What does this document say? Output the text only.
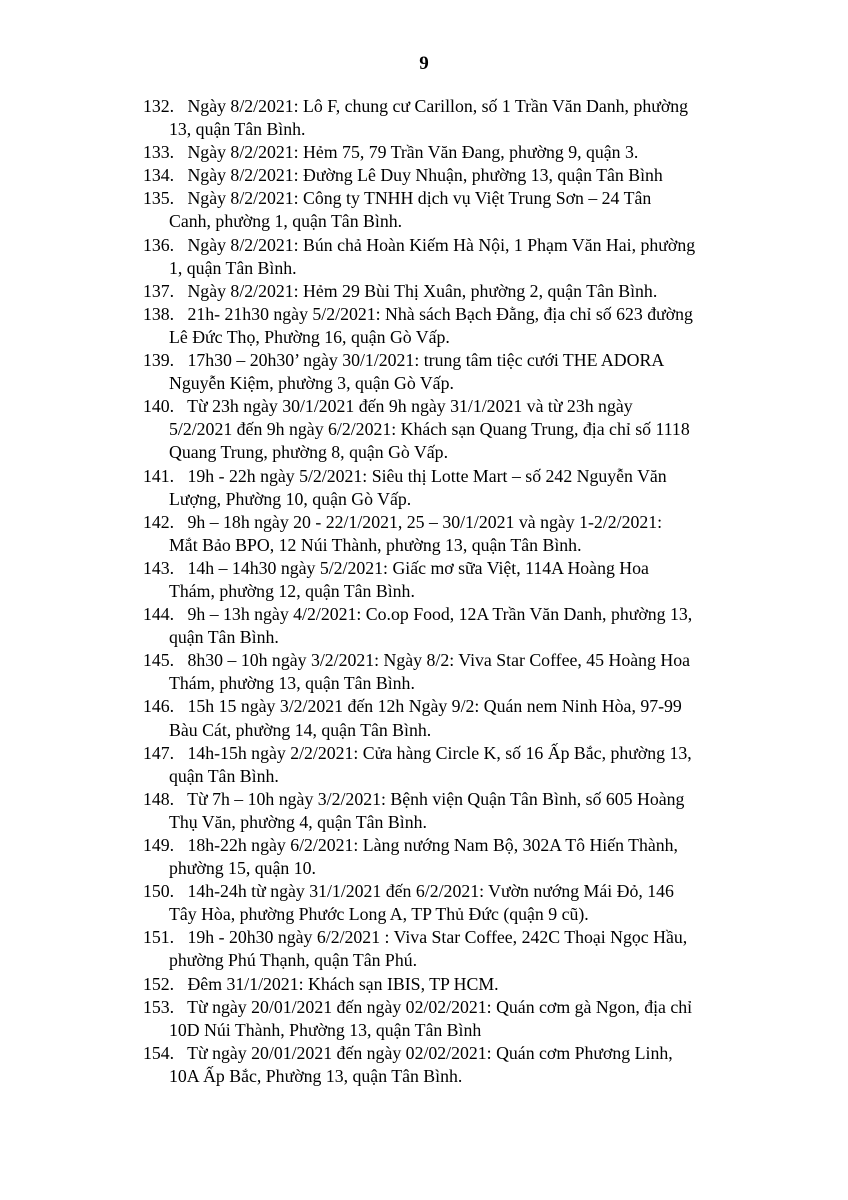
9
132. Ngày 8/2/2021: Lô F, chung cư Carillon, số 1 Trần Văn Danh, phường
13, quận Tân Bình.
133. Ngày 8/2/2021: Hẻm 75, 79 Trần Văn Đang, phường 9, quận 3.
134. Ngày 8/2/2021: Đường Lê Duy Nhuận, phường 13, quận Tân Bình
135. Ngày 8/2/2021: Công ty TNHH dịch vụ Việt Trung Sơn – 24 Tân
Canh, phường 1, quận Tân Bình.
136. Ngày 8/2/2021: Bún chả Hoàn Kiếm Hà Nội, 1 Phạm Văn Hai, phường
1, quận Tân Bình.
137. Ngày 8/2/2021: Hẻm 29 Bùi Thị Xuân, phường 2, quận Tân Bình.
138. 21h- 21h30 ngày 5/2/2021: Nhà sách Bạch Đằng, địa chỉ số 623 đường
Lê Đức Thọ, Phường 16, quận Gò Vấp.
139. 17h30 – 20h30’ ngày 30/1/2021: trung tâm tiệc cưới THE ADORA
Nguyễn Kiệm, phường 3, quận Gò Vấp.
140. Từ 23h ngày 30/1/2021 đến 9h ngày 31/1/2021 và từ 23h ngày
5/2/2021 đến 9h ngày 6/2/2021: Khách sạn Quang Trung, địa chỉ số 1118
Quang Trung, phường 8, quận Gò Vấp.
141. 19h - 22h ngày 5/2/2021: Siêu thị Lotte Mart – số 242 Nguyễn Văn
Lượng, Phường 10, quận Gò Vấp.
142.   9h – 18h ngày 20 - 22/1/2021, 25 – 30/1/2021 và ngày 1-2/2/2021:
Mắt Bảo BPO, 12 Núi Thành, phường 13, quận Tân Bình.
143. 14h – 14h30 ngày 5/2/2021: Giấc mơ sữa Việt, 114A Hoàng Hoa
Thám, phường 12, quận Tân Bình.
144.   9h – 13h ngày 4/2/2021: Co.op Food, 12A Trần Văn Danh, phường 13,
quận Tân Bình.
145. 8h30 – 10h ngày 3/2/2021: Ngày 8/2: Viva Star Coffee, 45 Hoàng Hoa
Thám, phường 13, quận Tân Bình.
146. 15h 15 ngày 3/2/2021 đến 12h Ngày 9/2: Quán nem Ninh Hòa, 97-99
Bàu Cát, phường 14, quận Tân Bình.
147. 14h-15h ngày 2/2/2021: Cửa hàng Circle K, số 16 Ấp Bắc, phường 13,
quận Tân Bình.
148. Từ 7h – 10h ngày 3/2/2021: Bệnh viện Quận Tân Bình, số 605 Hoàng
Thụ Văn, phường 4, quận Tân Bình.
149. 18h-22h ngày 6/2/2021: Làng nướng Nam Bộ, 302A Tô Hiến Thành,
phường 15, quận 10.
150. 14h-24h từ ngày 31/1/2021 đến 6/2/2021: Vườn nướng Mái Đỏ, 146
Tây Hòa, phường Phước Long A, TP Thủ Đức (quận 9 cũ).
151. 19h - 20h30 ngày 6/2/2021 : Viva Star Coffee, 242C Thoại Ngọc Hầu,
phường Phú Thạnh, quận Tân Phú.
152. Đêm 31/1/2021: Khách sạn IBIS, TP HCM.
153. Từ ngày 20/01/2021 đến ngày 02/02/2021: Quán cơm gà Ngon, địa chỉ
10D Núi Thành, Phường 13, quận Tân Bình
154. Từ ngày 20/01/2021 đến ngày 02/02/2021: Quán cơm Phương Linh,
10A Ấp Bắc, Phường 13, quận Tân Bình.
